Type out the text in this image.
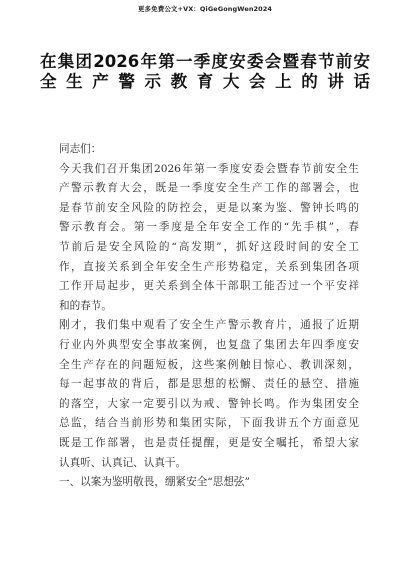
更多免费公文+VX：QiGeGongWen2024
在集团2026年第一季度安委会暨春节前安
全生产警示教育大会上的讲话
同志们：
今天我们召开集团2026年第一季度安委会暨春节前安全生
产警示教育大会，既是一季度安全生产工作的部署会，也
是春节前安全风险的防控会，更是以案为鉴、警钟长鸣的
警示教育会。第一季度是全年安全工作的“先手棋”，春
节前后是安全风险的“高发期”，抓好这段时间的安全工
作，直接关系到全年安全生产形势稳定，关系到集团各项
工作开局起步，更关系到全体干部职工能否过一个平安祥
和的春节。
刚才，我们集中观看了安全生产警示教育片，通报了近期
行业内外典型安全事故案例，也复盘了集团去年四季度安
全生产存在的问题短板，这些案例触目惊心、教训深刻，
每一起事故的背后，都是思想的松懈、责任的悬空、措施
的落空，大家一定要引以为戒、警钟长鸣。作为集团安全
总监，结合当前形势和集团实际，下面我讲五个方面意见
既是工作部署，也是责任提醒，更是安全嘱托，希望大家
认真听、认真记、认真干。
一、以案为鉴明敬畏，绷紧安全“思想弦”
